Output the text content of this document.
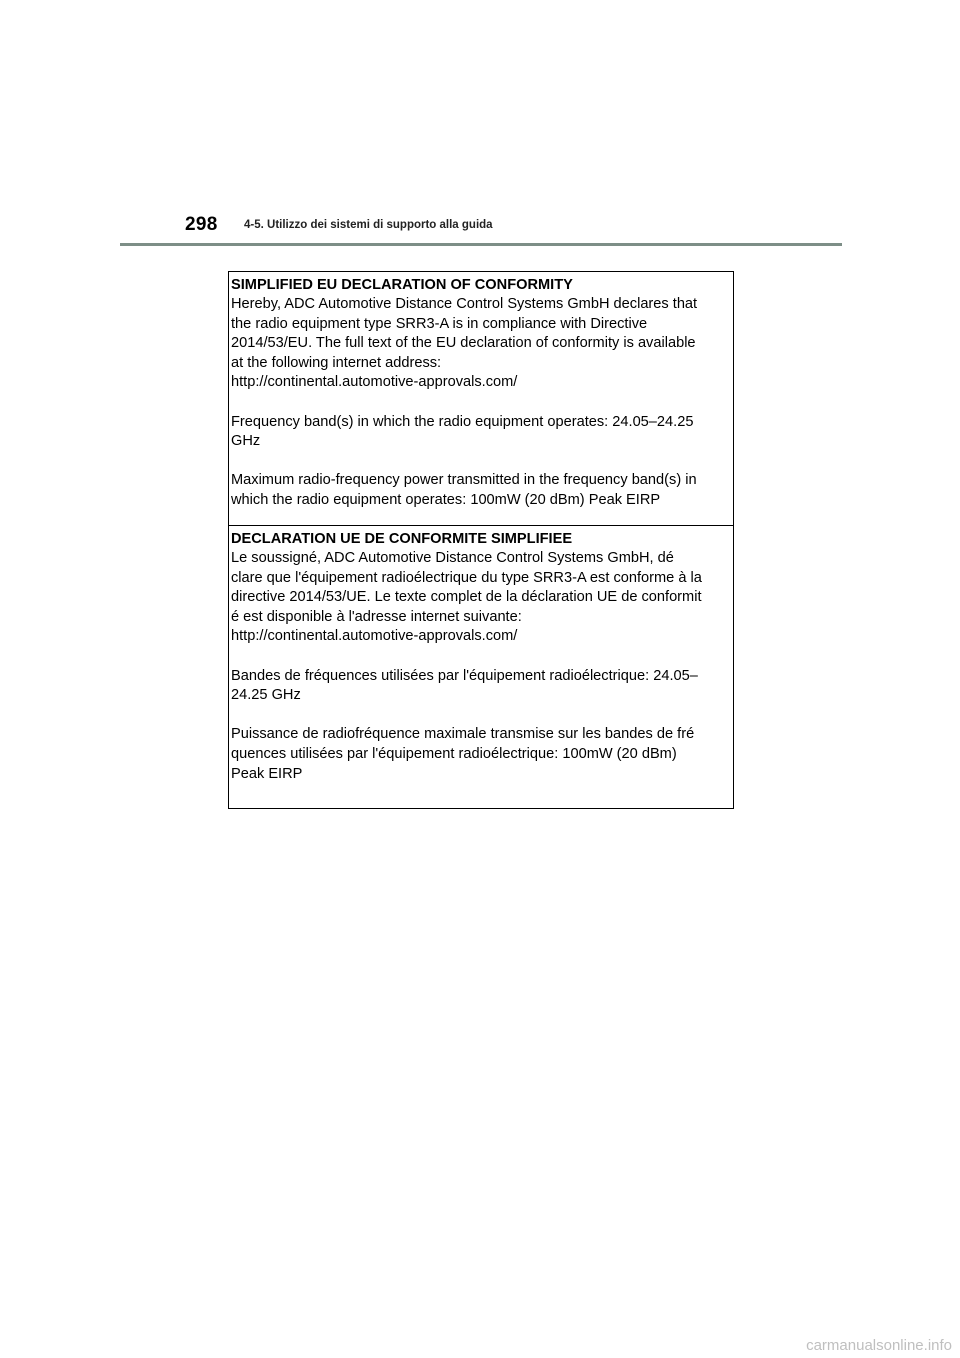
298 4-5. Utilizzo dei sistemi di supporto alla guida
SIMPLIFIED EU DECLARATION OF CONFORMITY

Hereby, ADC Automotive Distance Control Systems GmbH declares that
the radio equipment type SRR3-A is in compliance with Directive
2014/53/EU. The full text of the EU declaration of conformity is available
at the following internet address:
http://continental.automotive-approvals.com/

Frequency band(s) in which the radio equipment operates: 24.05–24.25
GHz

Maximum radio-frequency power transmitted in the frequency band(s) in
which the radio equipment operates: 100mW (20 dBm) Peak EIRP

DECLARATION UE DE CONFORMITE SIMPLIFIEE

Le soussigné, ADC Automotive Distance Control Systems GmbH, dé
clare que l'équipement radioélectrique du type SRR3-A est conforme à la
directive 2014/53/UE. Le texte complet de la déclaration UE de conformit
é est disponible à l'adresse internet suivante:
http://continental.automotive-approvals.com/

Bandes de fréquences utilisées par l'équipement radioélectrique: 24.05–
24.25 GHz

Puissance de radiofréquence maximale transmise sur les bandes de fré
quences utilisées par l'équipement radioélectrique: 100mW (20 dBm)
Peak EIRP

carmanualsonline.info
